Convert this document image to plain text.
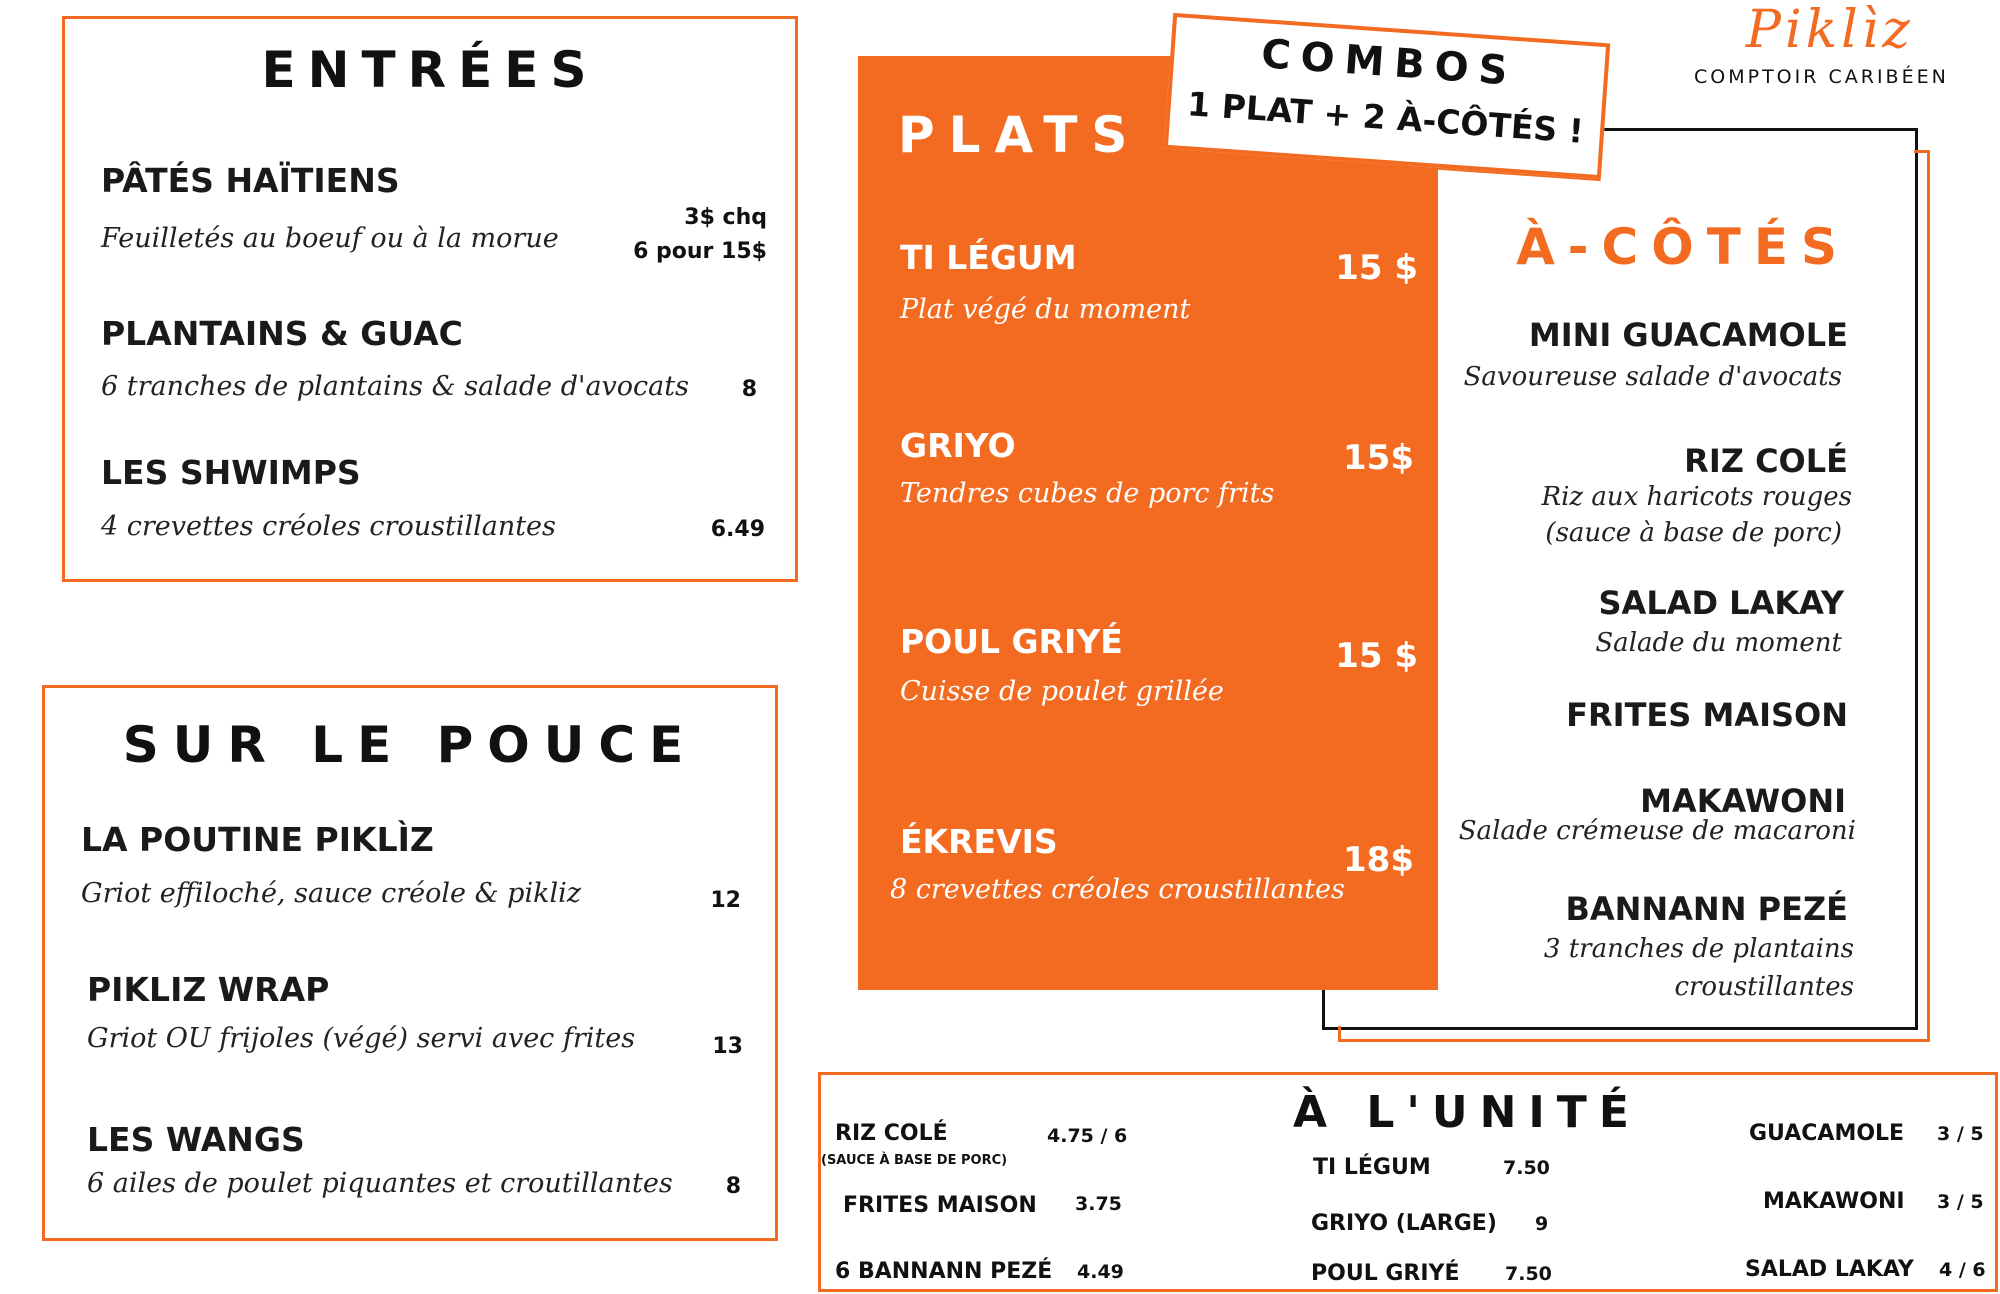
ENTRÉES
PÂTÉS HAÏTIENS
Feuilletés au boeuf ou à la morue
3$ chq
6 pour 15$
PLANTAINS & GUAC
6 tranches de plantains & salade d'avocats 8
LES SHWIMPS
4 crevettes créoles croustillantes	6.49
SUR LE POUCE
LA POUTINE PIKLÌZ
Griot effiloché, sauce créole & pikliz	12
PIKLIZ WRAP
Griot OU frijoles (végé) servi avec frites	13
LES WANGS
6 ailes de poulet piquantes et croutillantes 8
À-CÔTÉS
MINI GUACAMOLE
Savoureuse salade d'avocats
RIZ COLÉ
Riz aux haricots rouges
(sauce à base de porc)
SALAD LAKAY
Salade du moment
FRITES MAISON
MAKAWONI
Salade crémeuse de macaroni
BANNANN PEZÉ
3 tranches de plantains
croustillantes
PLATS
TI LÉGUM
Plat végé du moment
15 $
GRIYO
Tendres cubes de porc frits
15$
POUL GRIYÉ
Cuisse de poulet grillée
15 $
ÉKREVIS
8 crevettes créoles croustillantes
18$
COMBOS
1 PLAT + 2 À-CÔTÉS !
Piklìz
COMPTOIR CARIBÉEN
À L'UNITÉ
RIZ COLÉ
(SAUCE À BASE DE PORC)
4.75 / 6
FRITES MAISON 3.75
6 BANNANN PEZÉ 4.49
TI LÉGUM	7.50
GRIYO (LARGE) 9
POUL GRIYÉ 7.50
GUACAMOLE 3 / 5
MAKAWONI 3 / 5
SALAD LAKAY 4 / 6
